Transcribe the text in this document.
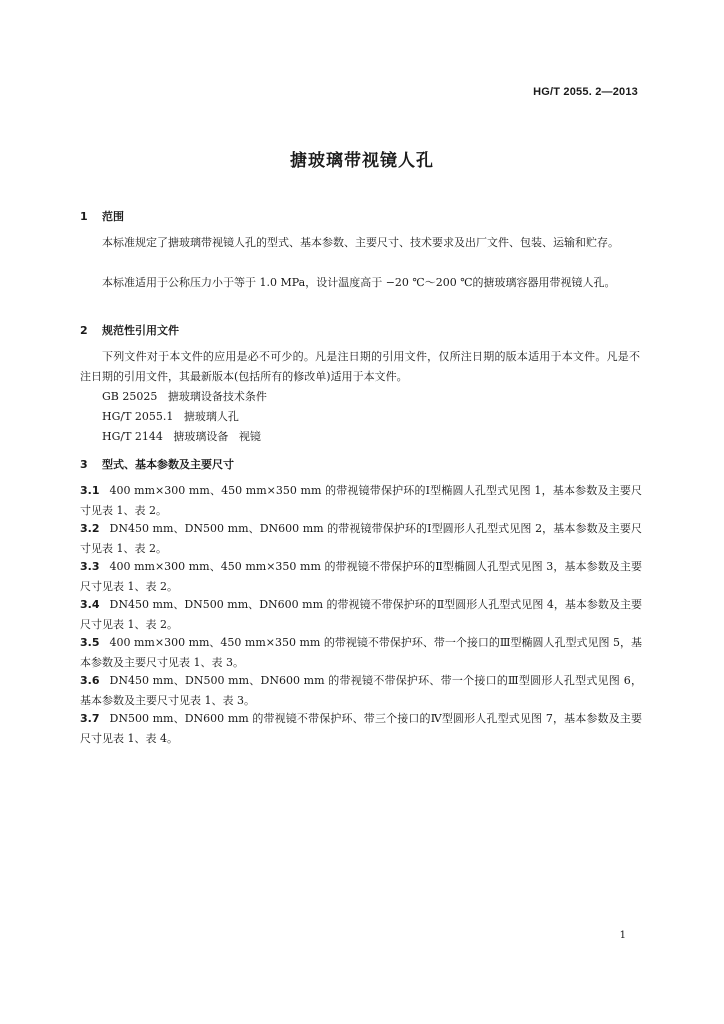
HG/T 2055. 2—2013
搪玻璃带视镜人孔
1 范围
本标准规定了搪玻璃带视镜人孔的型式、基本参数、主要尺寸、技术要求及出厂文件、包装、运输和贮存。
本标准适用于公称压力小于等于 1.0 MPa，设计温度高于 −20 ℃～200 ℃的搪玻璃容器用带视镜人孔。
2 规范性引用文件
下列文件对于本文件的应用是必不可少的。凡是注日期的引用文件，仅所注日期的版本适用于本文件。凡是不注日期的引用文件，其最新版本(包括所有的修改单)适用于本文件。
GB 25025   搪玻璃设备技术条件
HG/T 2055.1   搪玻璃人孔
HG/T 2144   搪玻璃设备   视镜
3 型式、基本参数及主要尺寸
3.1 400 mm×300 mm、450 mm×350 mm 的带视镜带保护环的Ⅰ型椭圆人孔型式见图 1，基本参数及主要尺寸见表 1、表 2。
3.2 DN450 mm、DN500 mm、DN600 mm 的带视镜带保护环的Ⅰ型圆形人孔型式见图 2，基本参数及主要尺寸见表 1、表 2。
3.3 400 mm×300 mm、450 mm×350 mm 的带视镜不带保护环的Ⅱ型椭圆人孔型式见图 3，基本参数及主要尺寸见表 1、表 2。
3.4 DN450 mm、DN500 mm、DN600 mm 的带视镜不带保护环的Ⅱ型圆形人孔型式见图 4，基本参数及主要尺寸见表 1、表 2。
3.5 400 mm×300 mm、450 mm×350 mm 的带视镜不带保护环、带一个接口的Ⅲ型椭圆人孔型式见图 5，基本参数及主要尺寸见表 1、表 3。
3.6 DN450 mm、DN500 mm、DN600 mm 的带视镜不带保护环、带一个接口的Ⅲ型圆形人孔型式见图 6，基本参数及主要尺寸见表 1、表 3。
3.7 DN500 mm、DN600 mm 的带视镜不带保护环、带三个接口的Ⅳ型圆形人孔型式见图 7，基本参数及主要尺寸见表 1、表 4。
1
